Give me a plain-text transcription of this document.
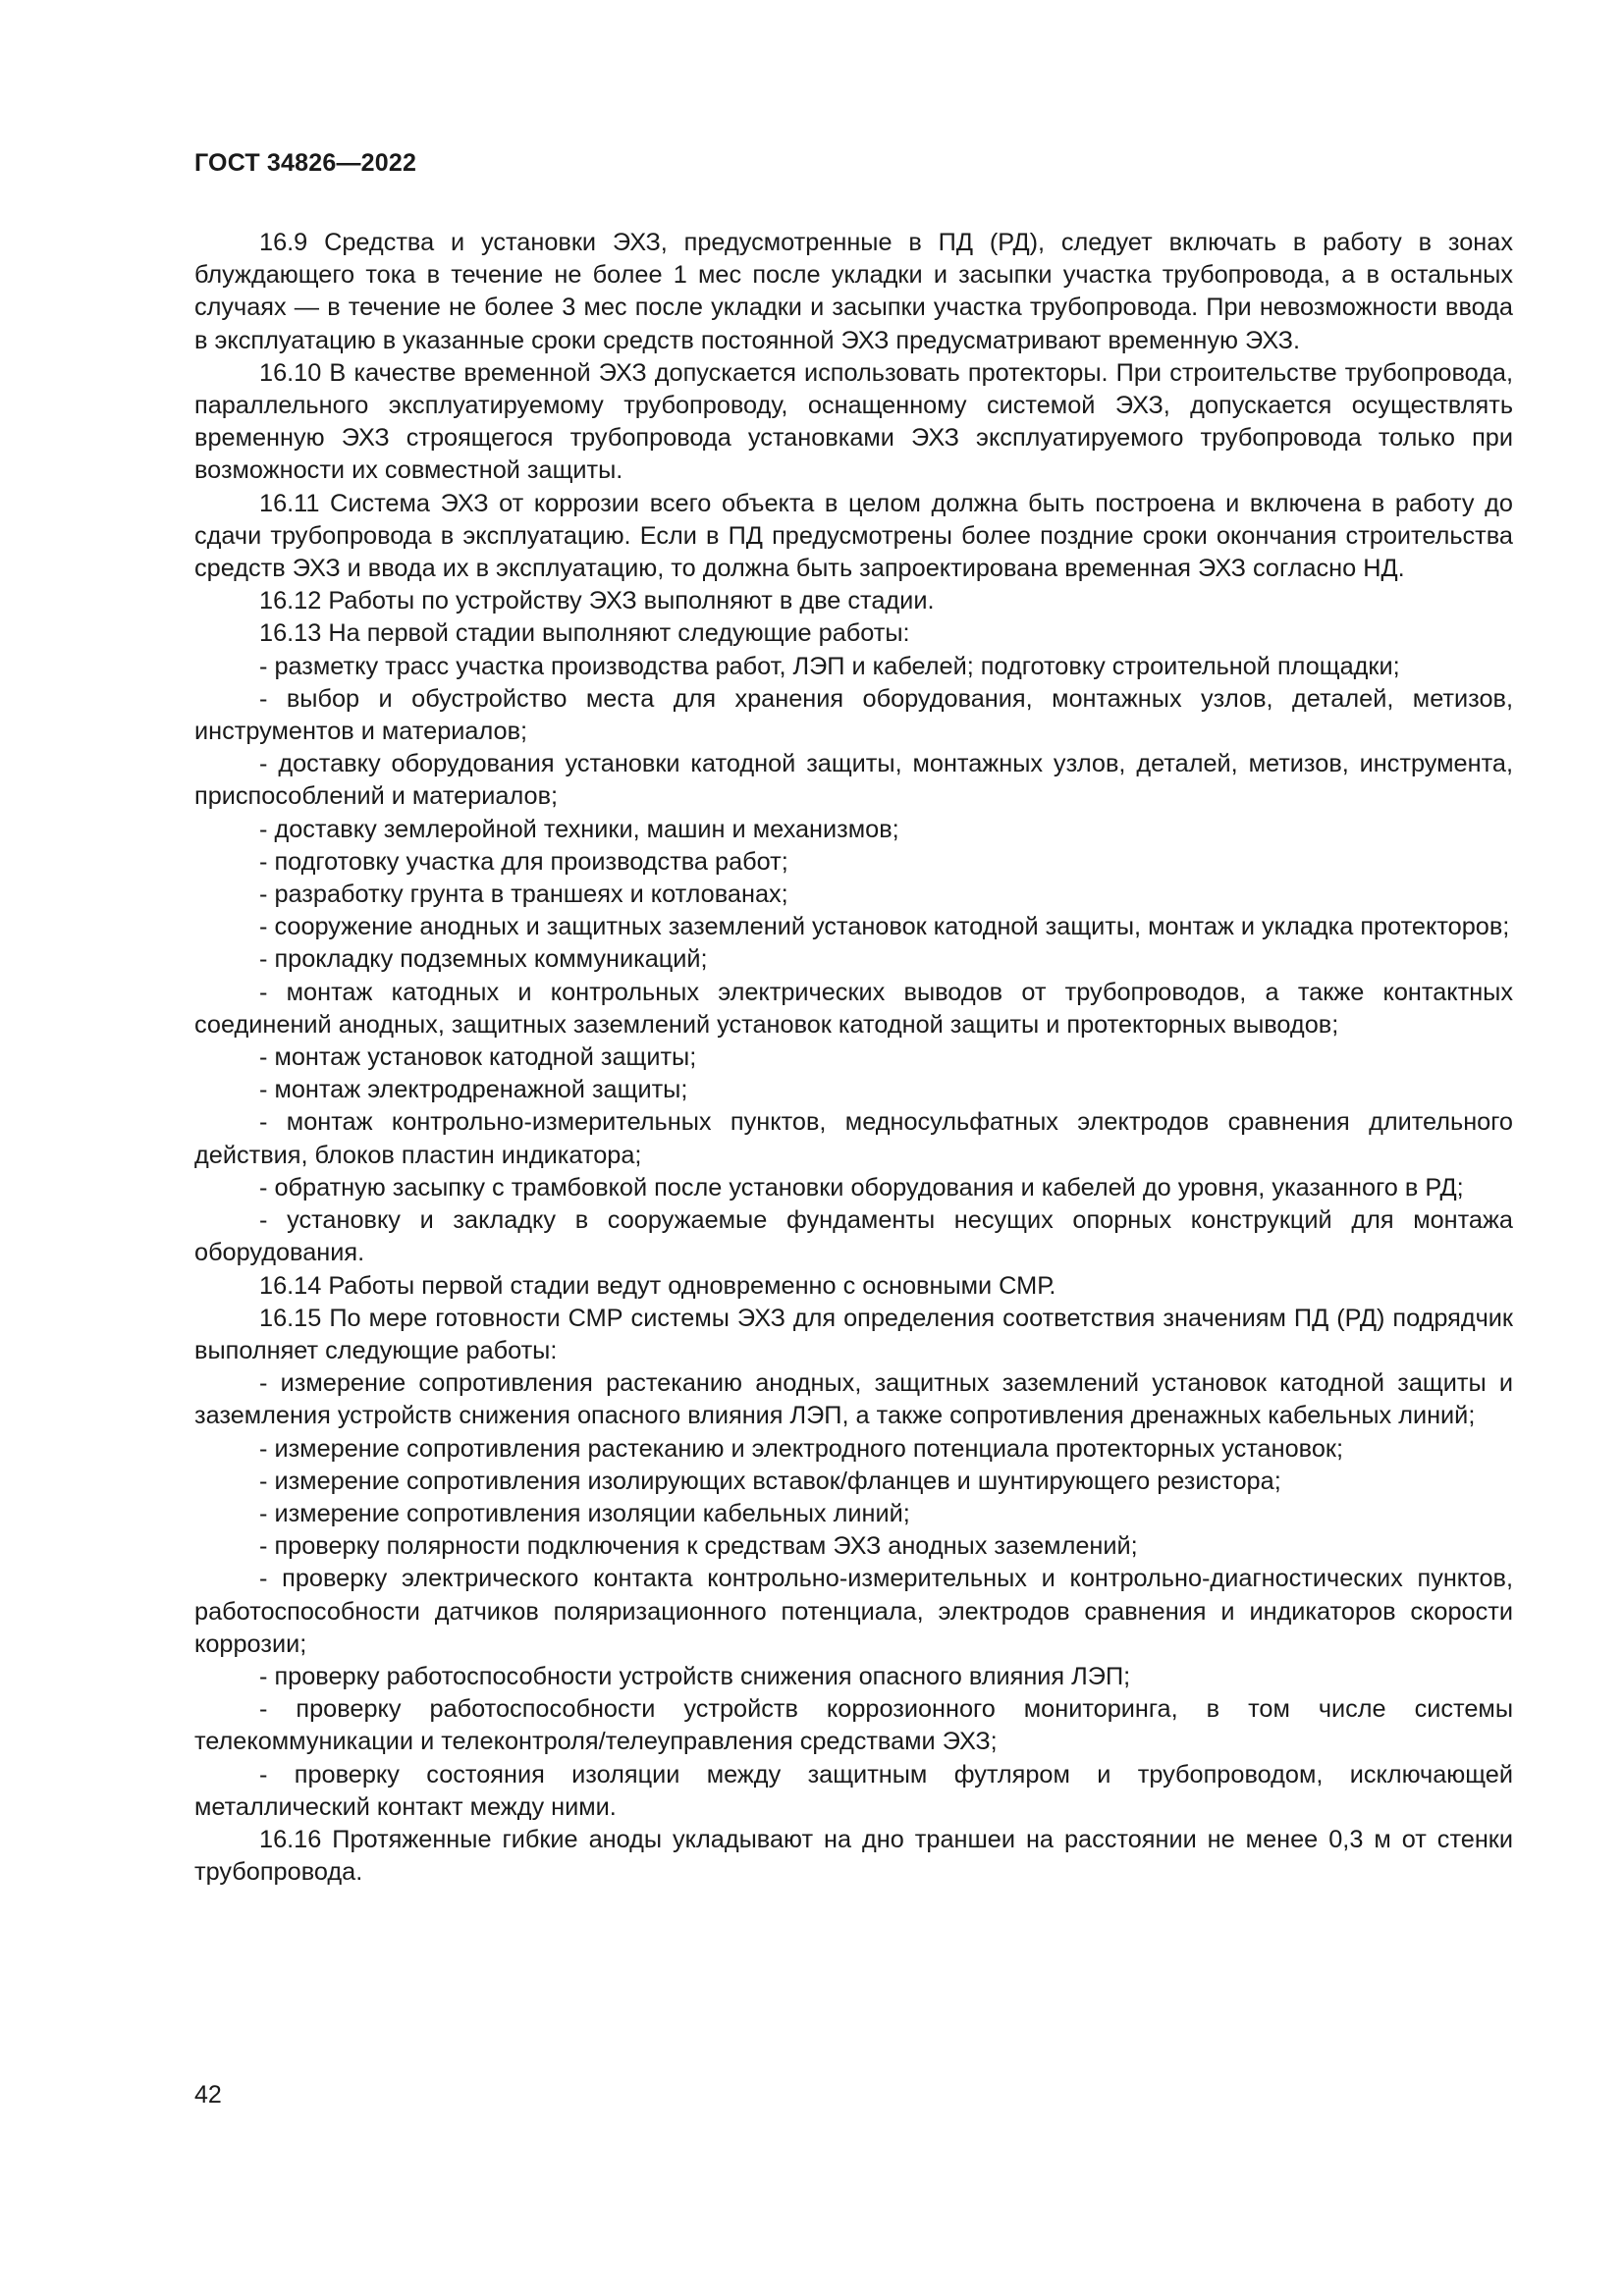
ГОСТ 34826—2022

16.9 Средства и установки ЭХЗ, предусмотренные в ПД (РД), следует включать в работу в зонах блуждающего тока в течение не более 1 мес после укладки и засыпки участка трубопровода, а в остальных случаях — в течение не более 3 мес после укладки и засыпки участка трубопровода. При невозможности ввода в эксплуатацию в указанные сроки средств постоянной ЭХЗ предусматривают временную ЭХЗ.

16.10 В качестве временной ЭХЗ допускается использовать протекторы. При строительстве трубопровода, параллельного эксплуатируемому трубопроводу, оснащенному системой ЭХЗ, допускается осуществлять временную ЭХЗ строящегося трубопровода установками ЭХЗ эксплуатируемого трубопровода только при возможности их совместной защиты.

16.11 Система ЭХЗ от коррозии всего объекта в целом должна быть построена и включена в работу до сдачи трубопровода в эксплуатацию. Если в ПД предусмотрены более поздние сроки окончания строительства средств ЭХЗ и ввода их в эксплуатацию, то должна быть запроектирована временная ЭХЗ согласно НД.

16.12 Работы по устройству ЭХЗ выполняют в две стадии.

16.13 На первой стадии выполняют следующие работы:

- разметку трасс участка производства работ, ЛЭП и кабелей; подготовку строительной площадки;

- выбор и обустройство места для хранения оборудования, монтажных узлов, деталей, метизов, инструментов и материалов;

- доставку оборудования установки катодной защиты, монтажных узлов, деталей, метизов, инструмента, приспособлений и материалов;

- доставку землеройной техники, машин и механизмов;

- подготовку участка для производства работ;

- разработку грунта в траншеях и котлованах;

- сооружение анодных и защитных заземлений установок катодной защиты, монтаж и укладка протекторов;

- прокладку подземных коммуникаций;

- монтаж катодных и контрольных электрических выводов от трубопроводов, а также контактных соединений анодных, защитных заземлений установок катодной защиты и протекторных выводов;

- монтаж установок катодной защиты;

- монтаж электродренажной защиты;

- монтаж контрольно-измерительных пунктов, медносульфатных электродов сравнения длительного действия, блоков пластин индикатора;

- обратную засыпку с трамбовкой после установки оборудования и кабелей до уровня, указанного в РД;

- установку и закладку в сооружаемые фундаменты несущих опорных конструкций для монтажа оборудования.

16.14 Работы первой стадии ведут одновременно с основными СМР.

16.15 По мере готовности СМР системы ЭХЗ для определения соответствия значениям ПД (РД) подрядчик выполняет следующие работы:

- измерение сопротивления растеканию анодных, защитных заземлений установок катодной защиты и заземления устройств снижения опасного влияния ЛЭП, а также сопротивления дренажных кабельных линий;

- измерение сопротивления растеканию и электродного потенциала протекторных установок;

- измерение сопротивления изолирующих вставок/фланцев и шунтирующего резистора;

- измерение сопротивления изоляции кабельных линий;

- проверку полярности подключения к средствам ЭХЗ анодных заземлений;

- проверку электрического контакта контрольно-измерительных и контрольно-диагностических пунктов, работоспособности датчиков поляризационного потенциала, электродов сравнения и индикаторов скорости коррозии;

- проверку работоспособности устройств снижения опасного влияния ЛЭП;

- проверку работоспособности устройств коррозионного мониторинга, в том числе системы телекоммуникации и телеконтроля/телеуправления средствами ЭХЗ;

- проверку состояния изоляции между защитным футляром и трубопроводом, исключающей металлический контакт между ними.

16.16 Протяженные гибкие аноды укладывают на дно траншеи на расстоянии не менее 0,3 м от стенки трубопровода.

42
